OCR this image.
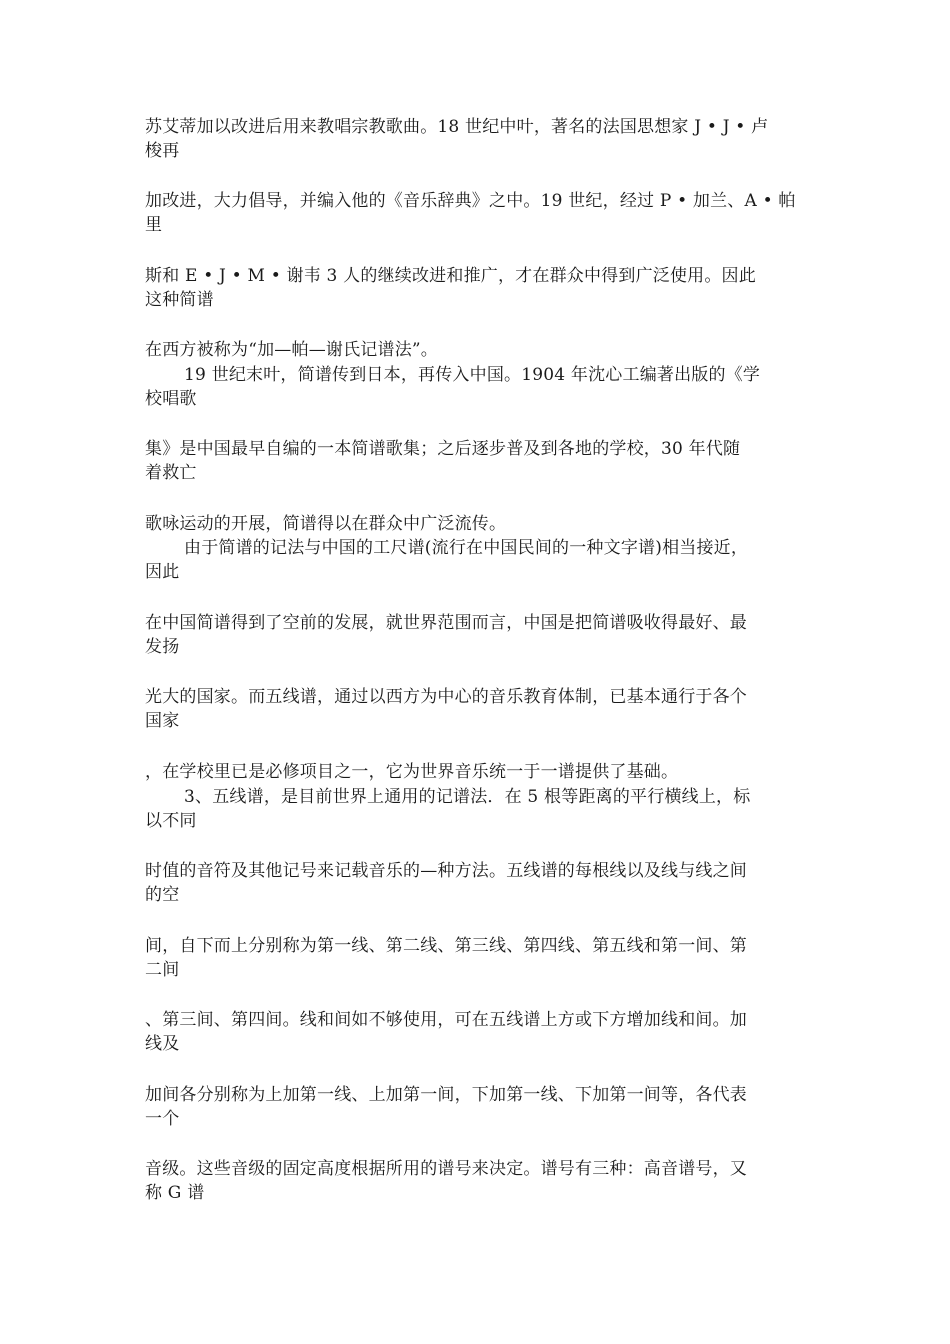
苏艾蒂加以改进后用来教唱宗教歌曲。18 世纪中叶，著名的法国思想家 J • J • 卢

梭再

加改进，大力倡导，并编入他的《音乐辞典》之中。19 世纪，经过 P • 加兰、A • 帕

里

斯和 E • J • M • 谢韦 3 人的继续改进和推广，才在群众中得到广泛使用。因此

这种简谱

在西方被称为“加—帕—谢氏记谱法”。

19 世纪末叶，简谱传到日本，再传入中国。1904 年沈心工编著出版的《学

校唱歌

集》是中国最早自编的一本简谱歌集；之后逐步普及到各地的学校，30 年代随

着救亡

歌咏运动的开展，简谱得以在群众中广泛流传。

由于简谱的记法与中国的工尺谱(流行在中国民间的一种文字谱)相当接近，

因此

在中国简谱得到了空前的发展，就世界范围而言，中国是把简谱吸收得最好、最

发扬

光大的国家。而五线谱，通过以西方为中心的音乐教育体制，已基本通行于各个

国家

，在学校里已是必修项目之一，它为世界音乐统一于一谱提供了基础。

3、五线谱，是目前世界上通用的记谱法．在 5 根等距离的平行横线上，标

以不同

时值的音符及其他记号来记载音乐的—种方法。五线谱的每根线以及线与线之间

的空

间，自下而上分别称为第一线、第二线、第三线、第四线、第五线和第一间、第

二间

、第三间、第四间。线和间如不够使用，可在五线谱上方或下方增加线和间。加

线及

加间各分别称为上加第一线、上加第一间，下加第一线、下加第一间等，各代表

一个

音级。这些音级的固定高度根据所用的谱号来决定。谱号有三种：高音谱号，又

称 G 谱
